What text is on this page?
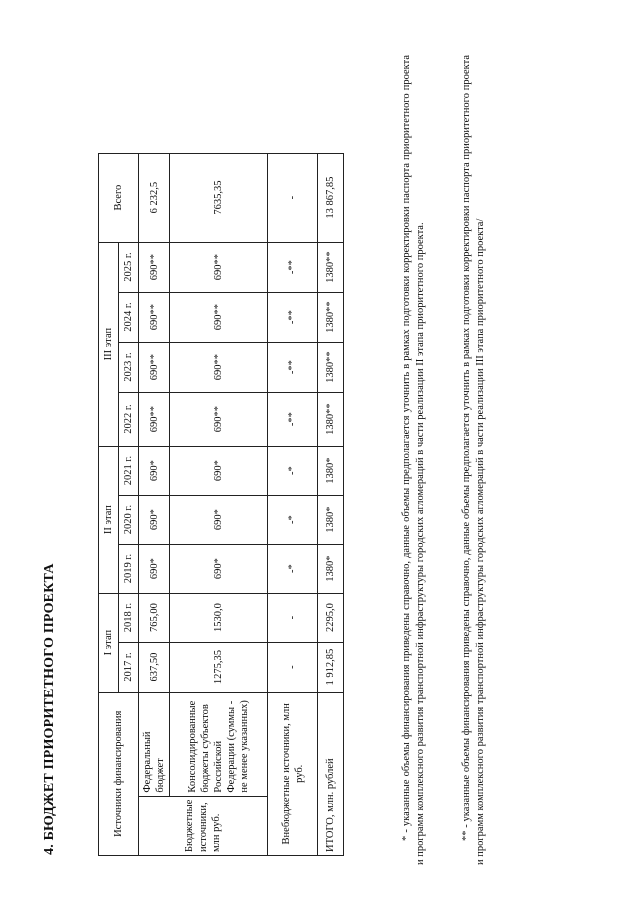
4. БЮДЖЕТ ПРИОРИТЕТНОГО ПРОЕКТА	Источники финансирования		I этап		II этап			III этап				Всего
		2017 г.	2018 г.	2019 г.	2020 г.	2021 г.	2022 г.	2023 г.	2024 г.	2025 г.	
Бюджетные источники, млн руб.	Федеральный бюджет	637,50	765,00	690*	690*	690*	690**	690**	690**	690**	6 232,5
	Консолидированные бюджеты субъектов Российской Федерации (суммы - не менее указанных)	1275,35	1530,0	690*	690*	690*	690**	690**	690**	690**	7635,35
Внебюджетные источники, млн руб.		-	-	-*	-*	-*	-**	-**	-**	-**	-
ИТОГО, млн. рублей		1 912,85	2295,0	1380*	1380*	1380*	1380**	1380**	1380**	1380**	13 867,85	* - указанные объемы финансирования приведены справочно, данные объемы предполагается уточнить в рамках подготовки корректировки паспорта приоритетного проекта и программ комплексного развития транспортной инфраструктуры городских агломераций в части реализации II этапа приоритетного проекта.	** - указанные объемы финансирования приведены справочно, данные объемы предполагается уточнить в рамках подготовки корректировки паспорта приоритетного проекта и программ комплексного развития транспортной инфраструктуры городских агломераций в части реализации III этапа приоритетного проекта/
